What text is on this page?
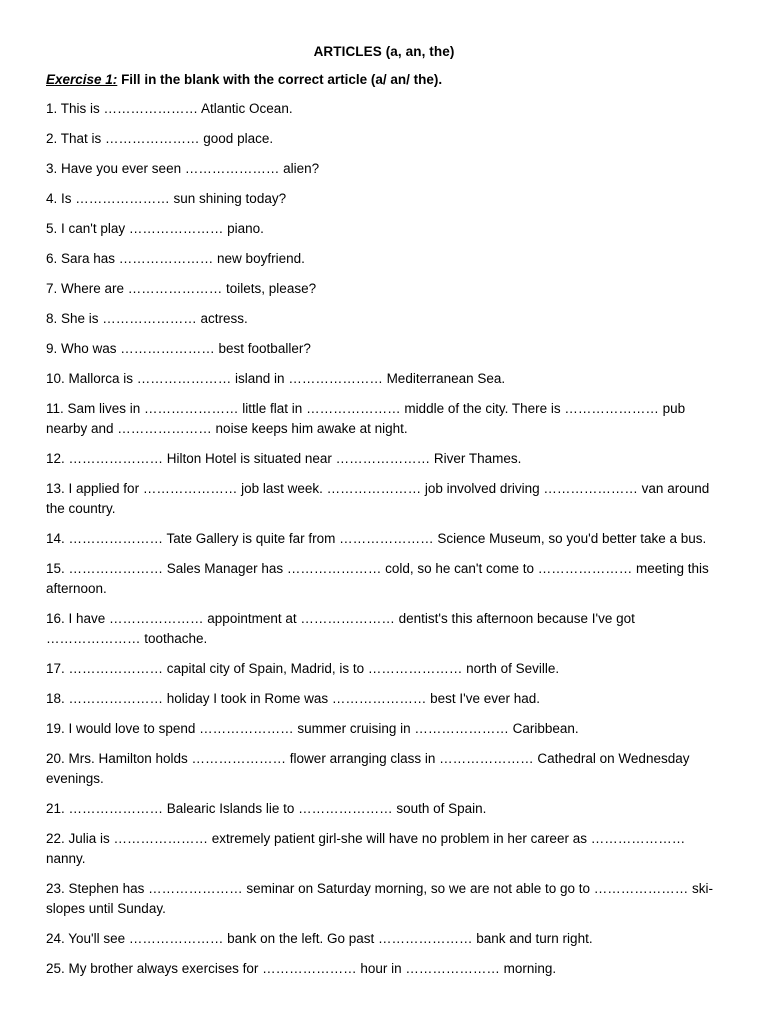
ARTICLES (a, an, the)
Exercise 1: Fill in the blank with the correct article (a/ an/ the).
1. This is ………………… Atlantic Ocean.
2. That is ………………… good place.
3. Have you ever seen ………………… alien?
4. Is ………………… sun shining today?
5. I can't play ………………… piano.
6. Sara has ………………… new boyfriend.
7. Where are ………………… toilets, please?
8. She is ………………… actress.
9. Who was ………………… best footballer?
10. Mallorca is ………………… island in ………………… Mediterranean Sea.
11. Sam lives in ………………… little flat in ………………… middle of the city. There is ………………… pub nearby and ………………… noise keeps him awake at night.
12. ………………… Hilton Hotel is situated near ………………… River Thames.
13. I applied for ………………… job last week. ………………… job involved driving ………………… van around the country.
14. ………………… Tate Gallery is quite far from ………………… Science Museum, so you'd better take a bus.
15. ………………… Sales Manager has ………………… cold, so he can't come to ………………… meeting this afternoon.
16. I have ………………… appointment at ………………… dentist's this afternoon because I've got ………………… toothache.
17. ………………… capital city of Spain, Madrid, is to ………………… north of Seville.
18. ………………… holiday I took in Rome was ………………… best I've ever had.
19. I would love to spend ………………… summer cruising in ………………… Caribbean.
20. Mrs. Hamilton holds ………………… flower arranging class in ………………… Cathedral on Wednesday evenings.
21. ………………… Balearic Islands lie to ………………… south of Spain.
22. Julia is ………………… extremely patient girl-she will have no problem in her career as ………………… nanny.
23. Stephen has ………………… seminar on Saturday morning, so we are not able to go to ………………… ski-slopes until Sunday.
24. You'll see ………………… bank on the left. Go past ………………… bank and turn right.
25. My brother always exercises for ………………… hour in ………………… morning.
